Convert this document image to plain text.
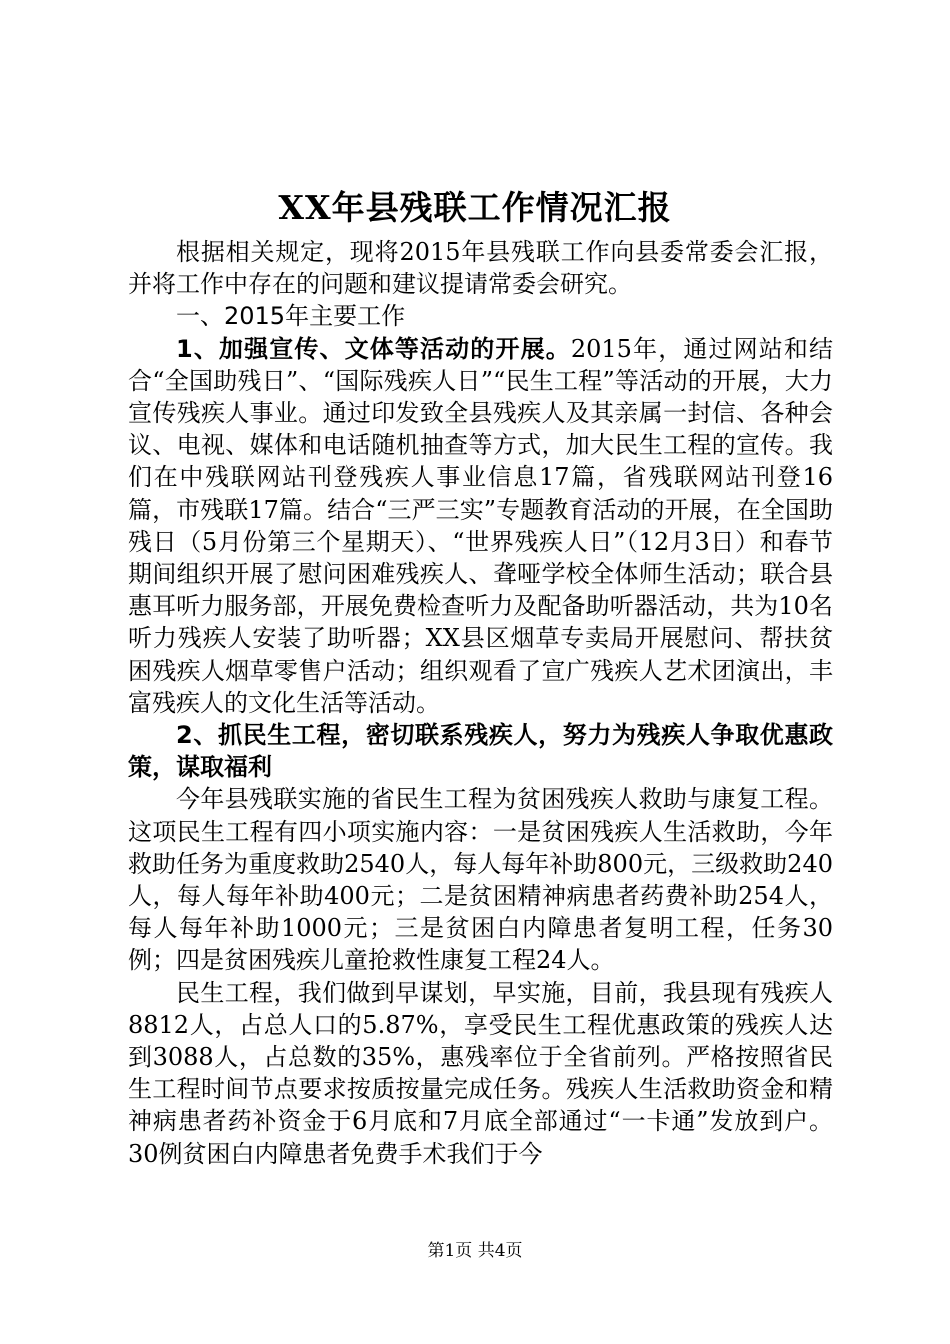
XX年县残联工作情况汇报

根据相关规定，现将2015年县残联工作向县委常委会汇报，并将工作中存在的问题和建议提请常委会研究。

一、2015年主要工作

1、加强宣传、文体等活动的开展。2015年，通过网站和结合“全国助残日”、“国际残疾人日”“民生工程”等活动的开展，大力宣传残疾人事业。通过印发致全县残疾人及其亲属一封信、各种会议、电视、媒体和电话随机抽查等方式，加大民生工程的宣传。我们在中残联网站刊登残疾人事业信息17篇，省残联网站刊登16篇，市残联17篇。结合“三严三实”专题教育活动的开展，在全国助残日（5月份第三个星期天）、“世界残疾人日”（12月3日）和春节期间组织开展了慰问困难残疾人、聋哑学校全体师生活动；联合县惠耳听力服务部，开展免费检查听力及配备助听器活动，共为10名听力残疾人安装了助听器；XX县区烟草专卖局开展慰问、帮扶贫困残疾人烟草零售户活动；组织观看了宣广残疾人艺术团演出，丰富残疾人的文化生活等活动。

2、抓民生工程，密切联系残疾人，努力为残疾人争取优惠政策，谋取福利

今年县残联实施的省民生工程为贫困残疾人救助与康复工程。这项民生工程有四小项实施内容：一是贫困残疾人生活救助，今年救助任务为重度救助2540人，每人每年补助800元，三级救助240人，每人每年补助400元；二是贫困精神病患者药费补助254人，每人每年补助1000元；三是贫困白内障患者复明工程，任务30例；四是贫困残疾儿童抢救性康复工程24人。

民生工程，我们做到早谋划，早实施，目前，我县现有残疾人8812人，占总人口的5.87%，享受民生工程优惠政策的残疾人达到3088人，占总数的35%，惠残率位于全省前列。严格按照省民生工程时间节点要求按质按量完成任务。残疾人生活救助资金和精神病患者药补资金于6月底和7月底全部通过“一卡通”发放到户。30例贫困白内障患者免费手术我们于今

第1页 共4页
